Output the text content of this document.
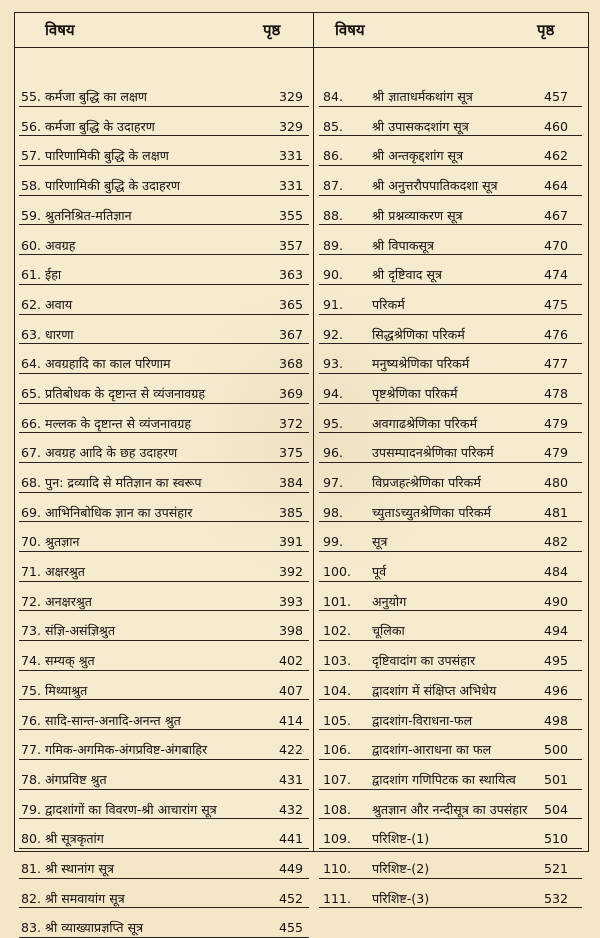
विषय	पृष्ठ	विषय	पृष्ठ
55. कर्मजा बुद्धि का लक्षण	329
56. कर्मजा बुद्धि के उदाहरण	329
57. पारिणामिकी बुद्धि के लक्षण	331
58. पारिणामिकी बुद्धि के उदाहरण	331
59. श्रुतनिश्रित-मतिज्ञान	355
60. अवग्रह	357
61. ईहा	363
62. अवाय	365
63. धारणा	367
64. अवग्रहादि का काल परिणाम	368
65. प्रतिबोधक के दृष्टान्त से व्यंजनावग्रह	369
66. मल्लक के दृष्टान्त से व्यंजनावग्रह	372
67. अवग्रह आदि के छह उदाहरण	375
68. पुन: द्रव्यादि से मतिज्ञान का स्वरूप	384
69. आभिनिबोधिक ज्ञान का उपसंहार	385
70. श्रुतज्ञान	391
71. अक्षरश्रुत	392
72. अनक्षरश्रुत	393
73. संज्ञि-असंज्ञिश्रुत	398
74. सम्यक् श्रुत	402
75. मिथ्याश्रुत	407
76. सादि-सान्त-अनादि-अनन्त श्रुत	414
77. गमिक-अगमिक-अंगप्रविष्ट-अंगबाहिर	422
78. अंगप्रविष्ट श्रुत	431
79. द्वादशांगों का विवरण-श्री आचारांग सूत्र	432
80. श्री सूत्रकृतांग	441
81. श्री स्थानांग सूत्र	449
82. श्री समवायांग सूत्र	452
83. श्री व्याख्याप्रज्ञप्ति सूत्र	455
84. श्री ज्ञाताधर्मकथांग सूत्र	457
85. श्री उपासकदशांग सूत्र	460
86. श्री अन्तकृद्दशांग सूत्र	462
87. श्री अनुत्तरौपपातिकदशा सूत्र	464
88. श्री प्रश्नव्याकरण सूत्र	467
89. श्री विपाकसूत्र	470
90. श्री दृष्टिवाद सूत्र	474
91. परिकर्म	475
92. सिद्धश्रेणिका परिकर्म	476
93. मनुष्यश्रेणिका परिकर्म	477
94. पृष्टश्रेणिका परिकर्म	478
95. अवगाढश्रेणिका परिकर्म	479
96. उपसम्पादनश्रेणिका परिकर्म	479
97. विप्रजहत्श्रेणिका परिकर्म	480
98. च्युताऽच्युतश्रेणिका परिकर्म	481
99. सूत्र	482
100. पूर्व	484
101. अनुयोग	490
102. चूलिका	494
103. दृष्टिवादांग का उपसंहार	495
104. द्वादशांग में संक्षिप्त अभिधेय	496
105. द्वादशांग-विराधना-फल	498
106. द्वादशांग-आराधना का फल	500
107. द्वादशांग गणिपिटक का स्थायित्व	501
108. श्रुतज्ञान और नन्दीसूत्र का उपसंहार 504
109. परिशिष्ट-(1)	510
110. परिशिष्ट-(2)	521
111. परिशिष्ट-(3)	532
